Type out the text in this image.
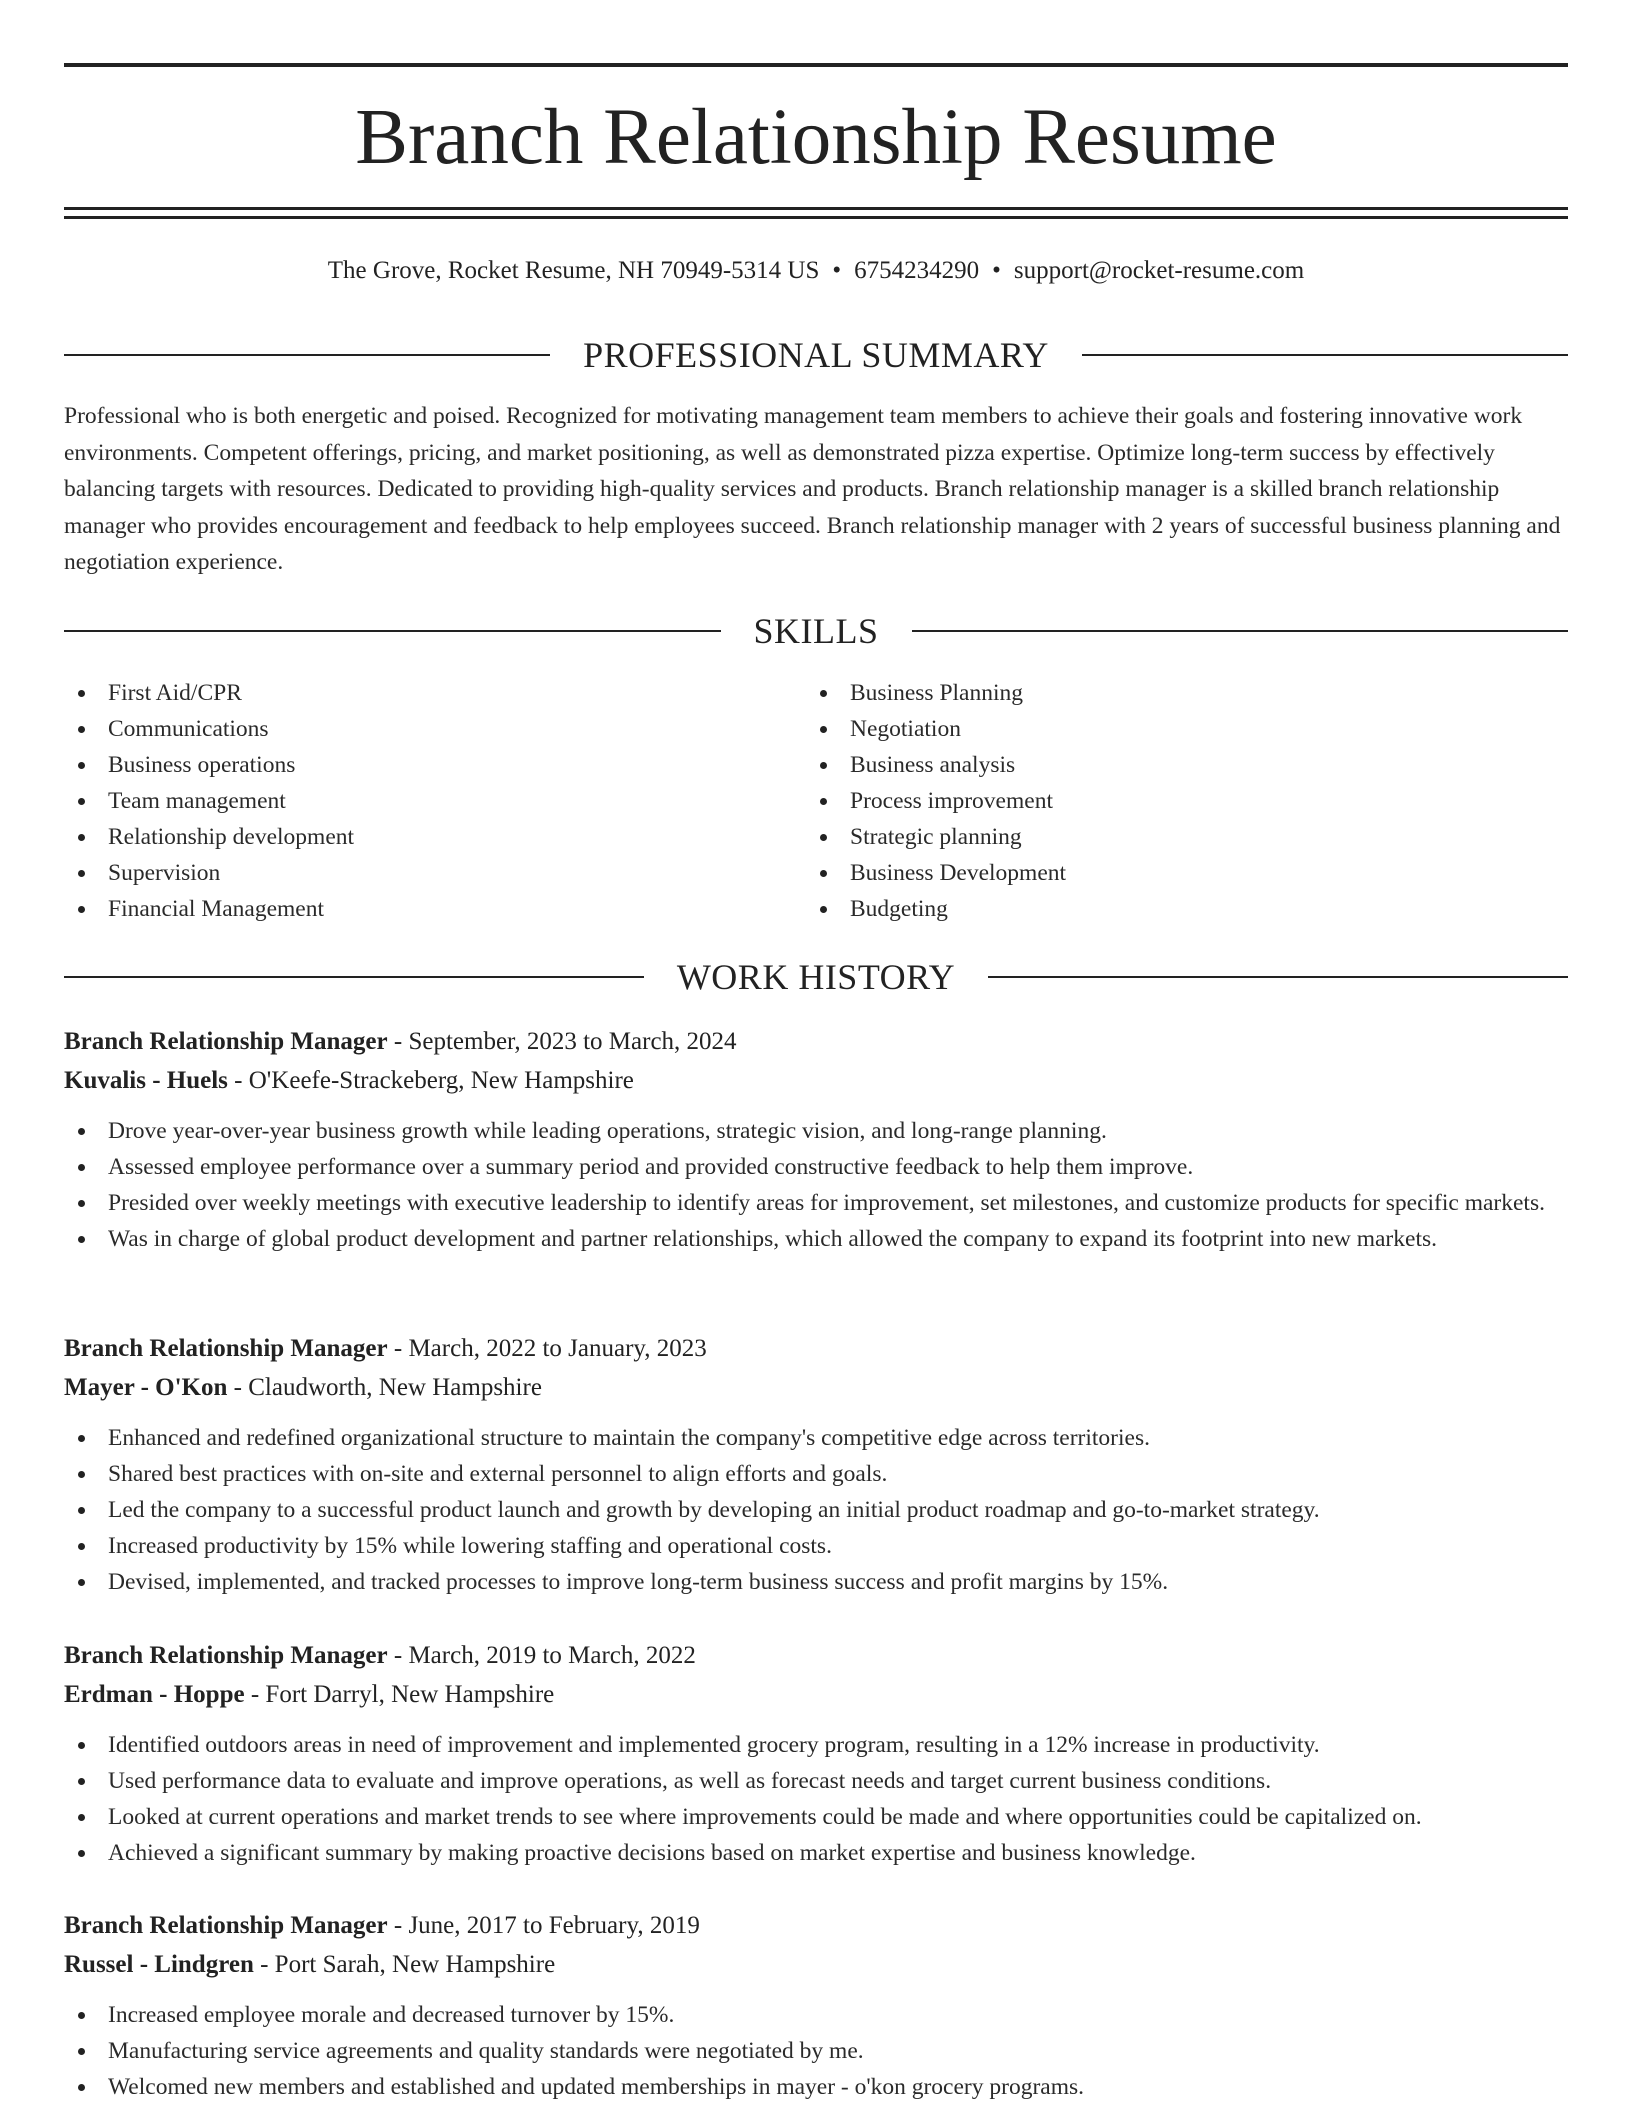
Branch Relationship Resume
The Grove, Rocket Resume, NH 70949-5314 US • 6754234290 • support@rocket-resume.com
PROFESSIONAL SUMMARY
Professional who is both energetic and poised. Recognized for motivating management team members to achieve their goals and fostering innovative work environments. Competent offerings, pricing, and market positioning, as well as demonstrated pizza expertise. Optimize long-term success by effectively balancing targets with resources. Dedicated to providing high-quality services and products. Branch relationship manager is a skilled branch relationship manager who provides encouragement and feedback to help employees succeed. Branch relationship manager with 2 years of successful business planning and negotiation experience.
SKILLS
First Aid/CPR
Communications
Business operations
Team management
Relationship development
Supervision
Financial Management
Business Planning
Negotiation
Business analysis
Process improvement
Strategic planning
Business Development
Budgeting
WORK HISTORY
Branch Relationship Manager - September, 2023 to March, 2024
Kuvalis - Huels - O'Keefe-Strackeberg, New Hampshire
Drove year-over-year business growth while leading operations, strategic vision, and long-range planning.
Assessed employee performance over a summary period and provided constructive feedback to help them improve.
Presided over weekly meetings with executive leadership to identify areas for improvement, set milestones, and customize products for specific markets.
Was in charge of global product development and partner relationships, which allowed the company to expand its footprint into new markets.
Branch Relationship Manager - March, 2022 to January, 2023
Mayer - O'Kon - Claudworth, New Hampshire
Enhanced and redefined organizational structure to maintain the company's competitive edge across territories.
Shared best practices with on-site and external personnel to align efforts and goals.
Led the company to a successful product launch and growth by developing an initial product roadmap and go-to-market strategy.
Increased productivity by 15% while lowering staffing and operational costs.
Devised, implemented, and tracked processes to improve long-term business success and profit margins by 15%.
Branch Relationship Manager - March, 2019 to March, 2022
Erdman - Hoppe - Fort Darryl, New Hampshire
Identified outdoors areas in need of improvement and implemented grocery program, resulting in a 12% increase in productivity.
Used performance data to evaluate and improve operations, as well as forecast needs and target current business conditions.
Looked at current operations and market trends to see where improvements could be made and where opportunities could be capitalized on.
Achieved a significant summary by making proactive decisions based on market expertise and business knowledge.
Branch Relationship Manager - June, 2017 to February, 2019
Russel - Lindgren - Port Sarah, New Hampshire
Increased employee morale and decreased turnover by 15%.
Manufacturing service agreements and quality standards were negotiated by me.
Welcomed new members and established and updated memberships in mayer - o'kon grocery programs.
